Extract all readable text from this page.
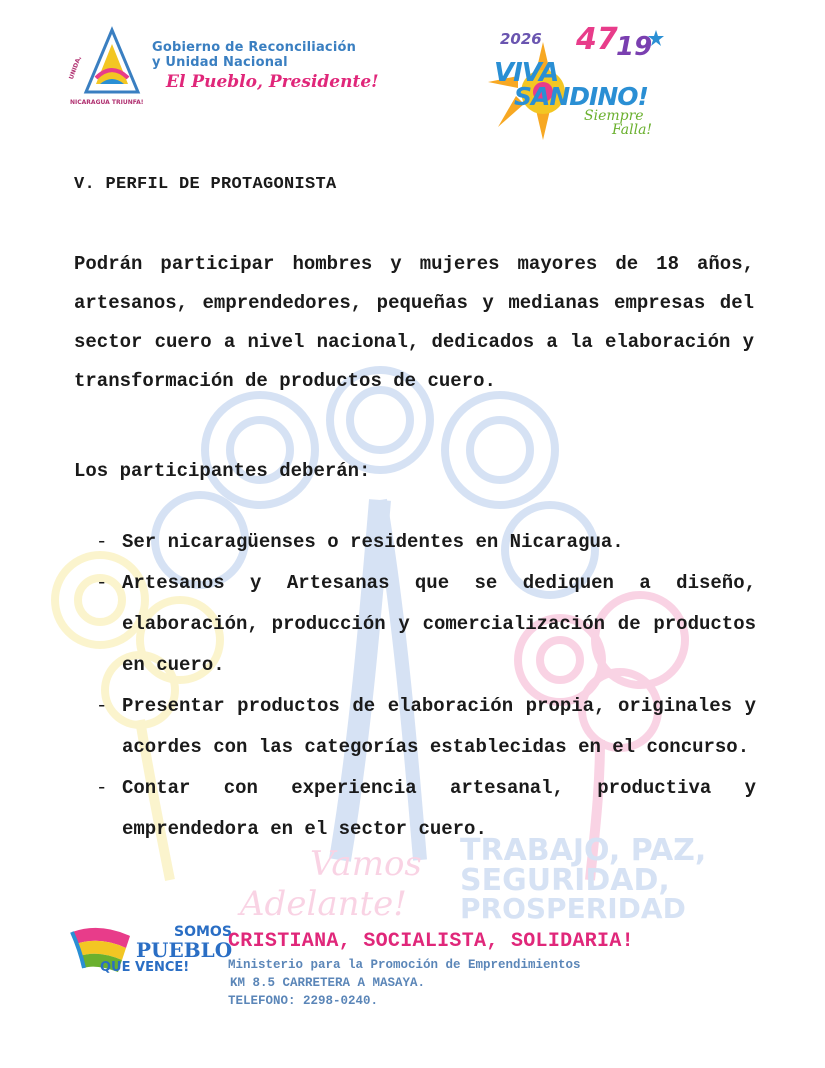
Vamos
Adelante!
TRABAJO, PAZ,
SEGURIDAD,
PROSPERIDAD
UNIDA,
NICARAGUA TRIUNFA!
Gobierno de Reconciliación
y Unidad Nacional
El Pueblo, Presidente!
2026 47
19
VIVA
SANDINO!
Siempre
Falla!
V. PERFIL DE PROTAGONISTA

Podrán participar hombres y mujeres mayores de 18 años, artesanos, emprendedores, pequeñas y medianas empresas del sector cuero a nivel nacional, dedicados a la elaboración y transformación de productos de cuero.

Los participantes deberán:
- Ser nicaragüenses o residentes en Nicaragua.
- Artesanos y Artesanas que se dediquen a diseño, elaboración, producción y comercialización de productos en cuero.
- Presentar productos de elaboración propia, originales y acordes con las categorías establecidas en el concurso.
- Contar con experiencia artesanal, productiva y emprendedora en el sector cuero.
SOMOS
PUEBLO
QUE VENCE!
CRISTIANA, SOCIALISTA, SOLIDARIA!
Ministerio para la Promoción de Emprendimientos
KM 8.5 CARRETERA A MASAYA.
TELEFONO: 2298-0240.
